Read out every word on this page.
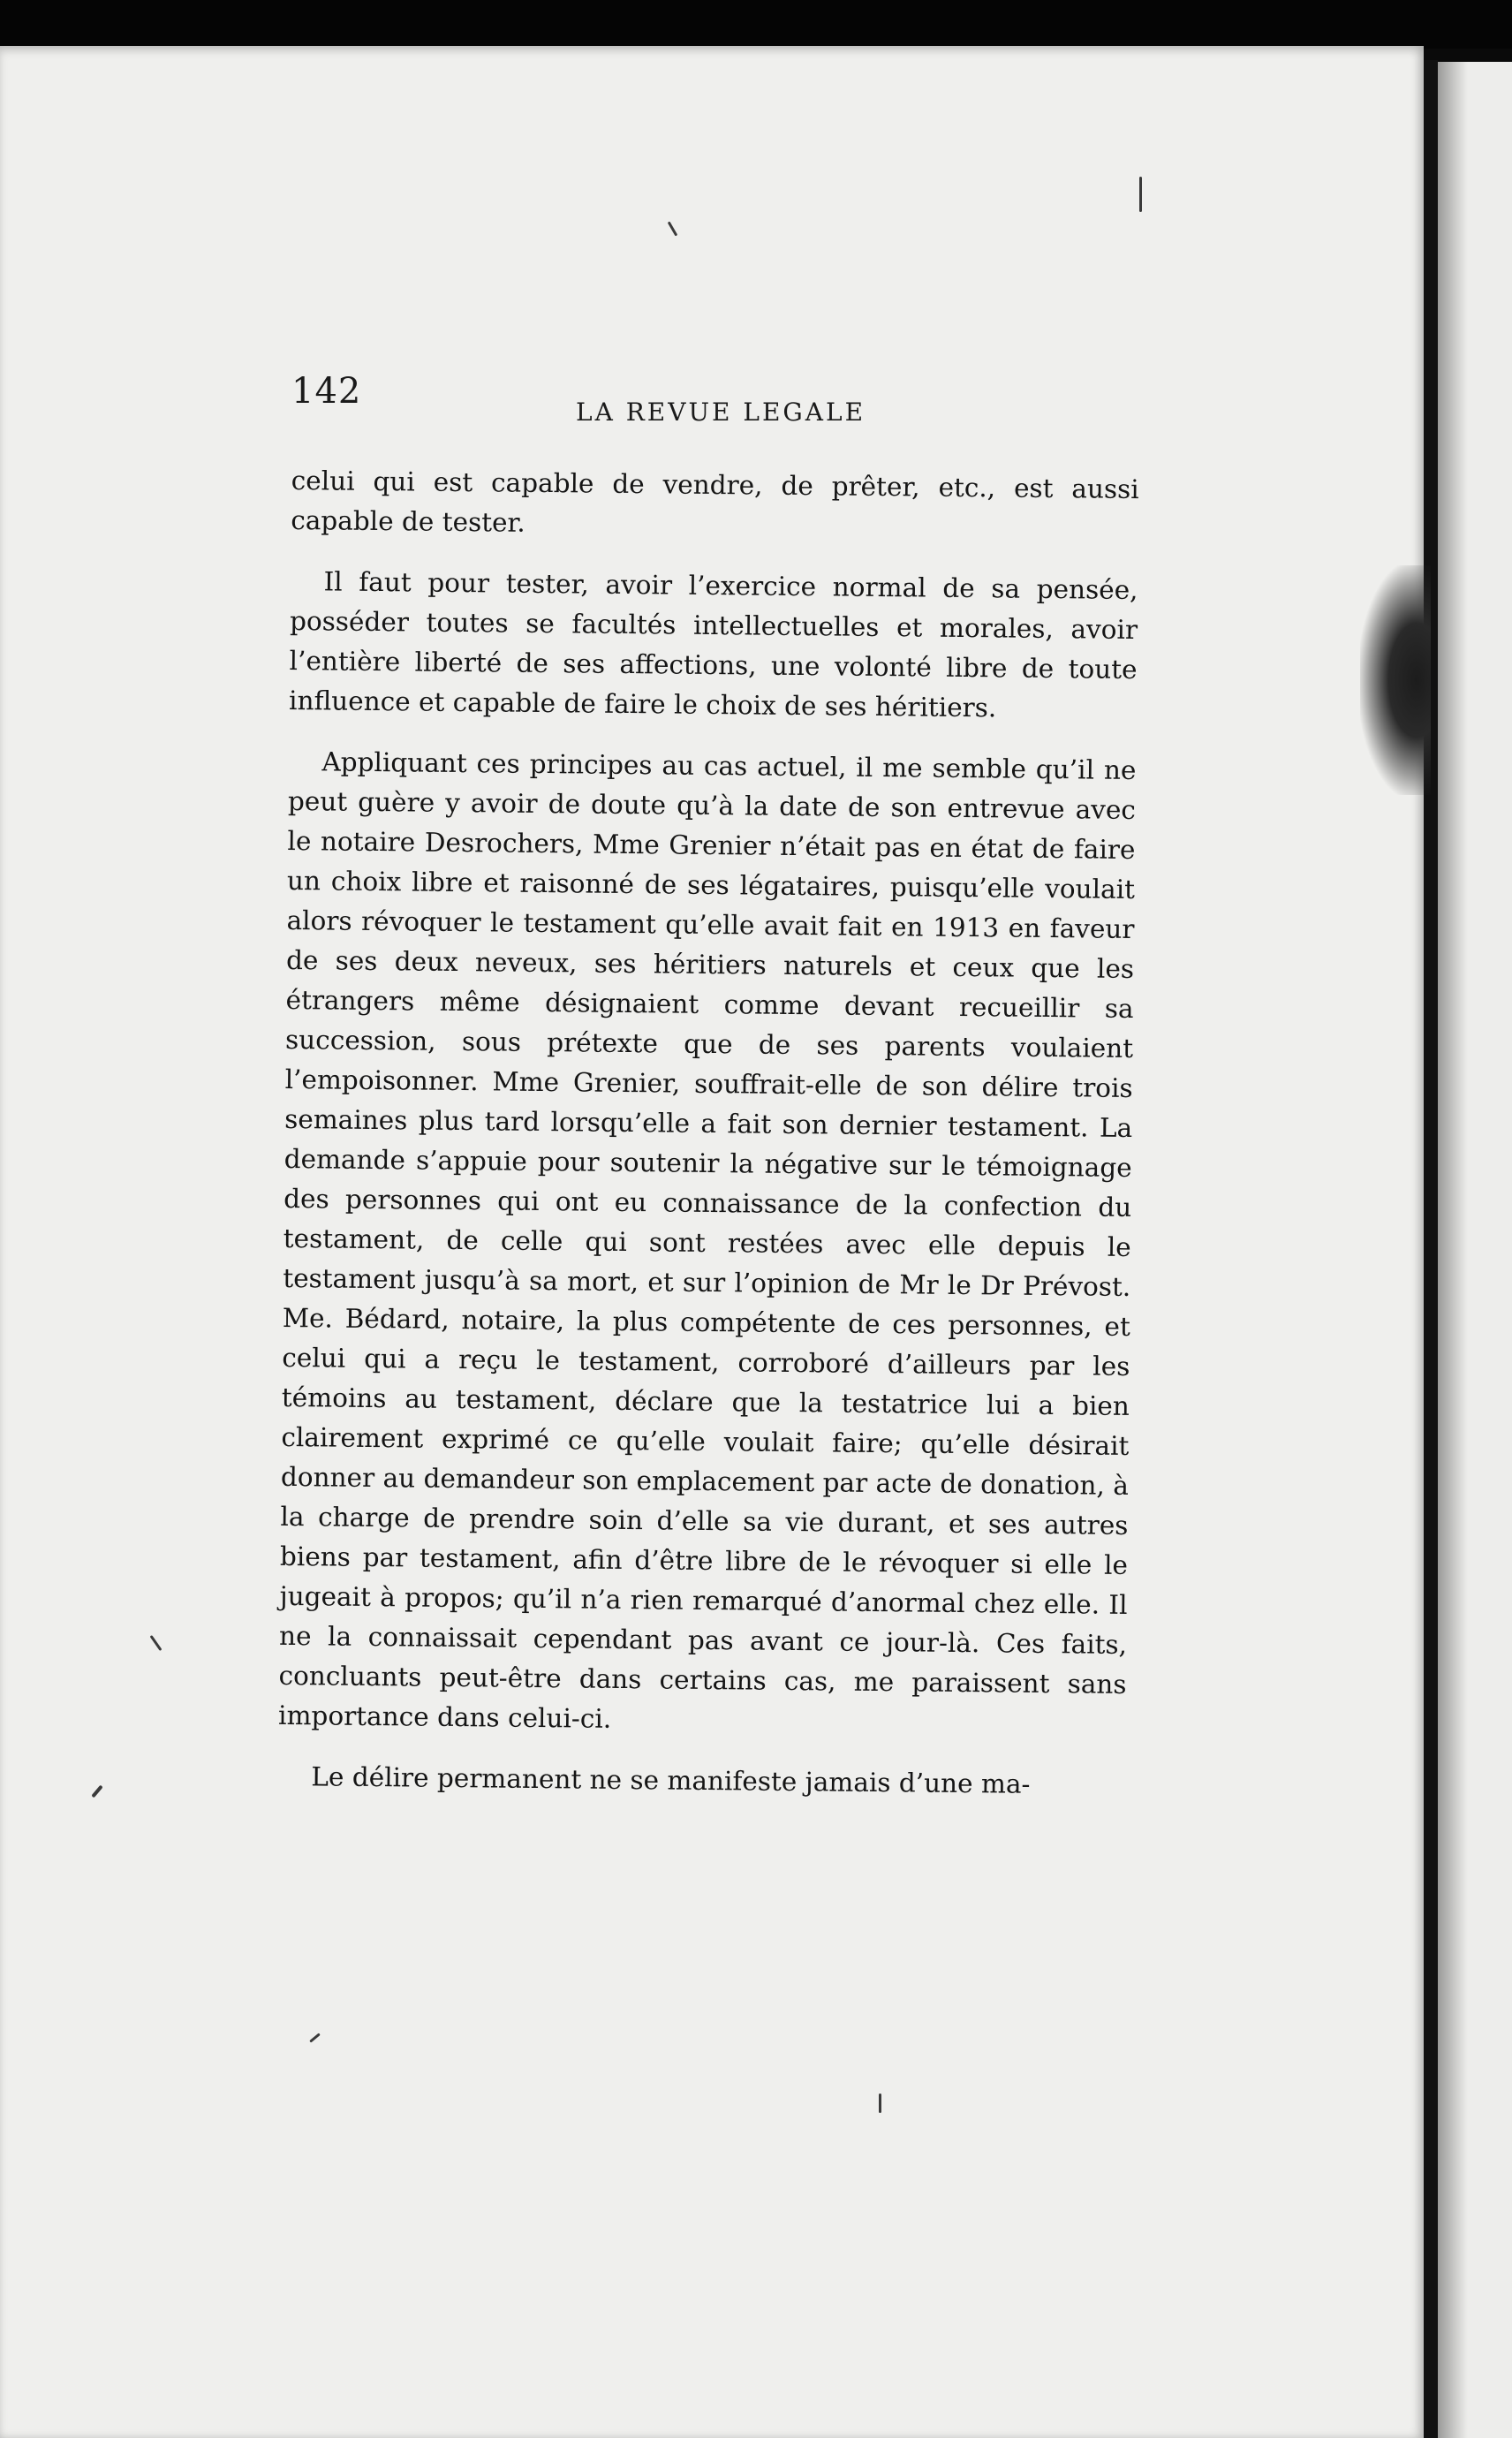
142
LA REVUE LEGALE

celui qui est capable de vendre, de prêter, etc., est aussi capable de tester.

Il faut pour tester, avoir l’exercice normal de sa pensée, posséder toutes se facultés intellectuelles et morales, avoir l’entière liberté de ses affections, une volonté libre de toute influence et capable de faire le choix de ses héritiers.

Appliquant ces principes au cas actuel, il me semble qu’il ne peut guère y avoir de doute qu’à la date de son entrevue avec le notaire Desrochers, Mme Grenier n’était pas en état de faire un choix libre et raisonné de ses légataires, puisqu’elle voulait alors révoquer le testament qu’elle avait fait en 1913 en faveur de ses deux neveux, ses héritiers naturels et ceux que les étrangers même désignaient comme devant recueillir sa succession, sous prétexte que de ses parents voulaient l’empoisonner. Mme Grenier, souffrait-elle de son délire trois semaines plus tard lorsqu’elle a fait son dernier testament. La demande s’appuie pour soutenir la négative sur le témoignage des personnes qui ont eu connaissance de la confection du testament, de celle qui sont restées avec elle depuis le testament jusqu’à sa mort, et sur l’opinion de Mr le Dr Prévost. Me. Bédard, notaire, la plus compétente de ces personnes, et celui qui a reçu le testament, corroboré d’ailleurs par les témoins au testament, déclare que la testatrice lui a bien clairement exprimé ce qu’elle voulait faire; qu’elle désirait donner au demandeur son emplacement par acte de donation, à la charge de prendre soin d’elle sa vie durant, et ses autres biens par testament, afin d’être libre de le révoquer si elle le jugeait à propos; qu’il n’a rien remarqué d’anormal chez elle. Il ne la connaissait cependant pas avant ce jour-là. Ces faits, concluants peut-être dans certains cas, me paraissent sans importance dans celui-ci.

Le délire permanent ne se manifeste jamais d’une ma-
